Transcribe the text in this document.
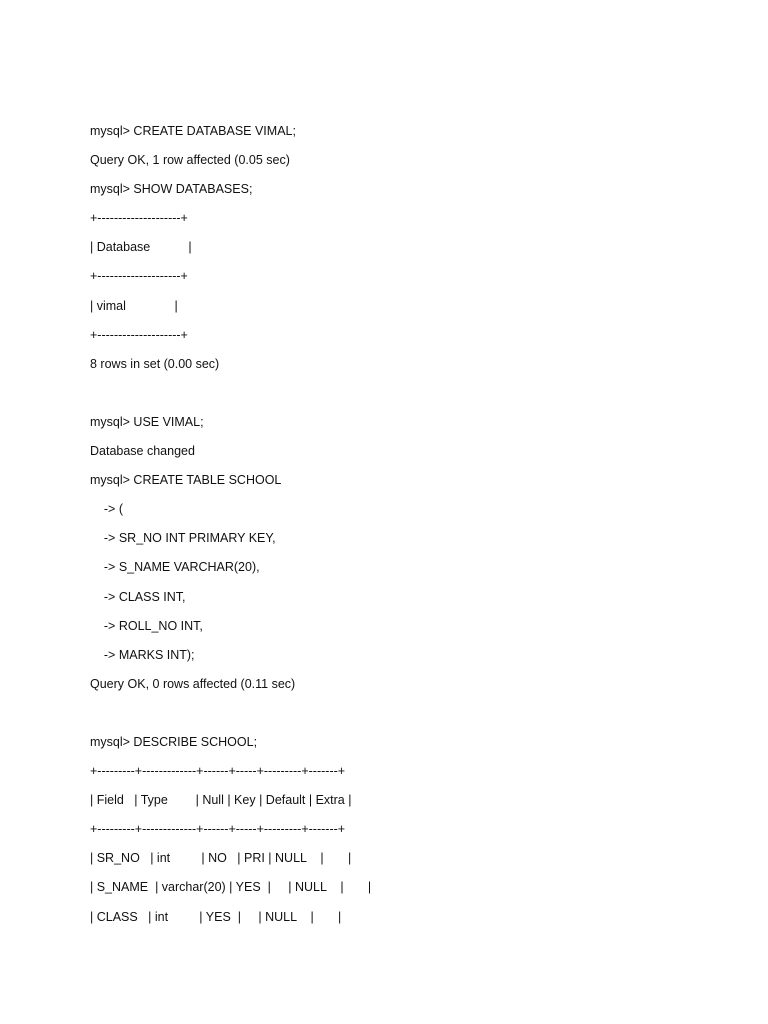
mysql> CREATE DATABASE VIMAL;
Query OK, 1 row affected (0.05 sec)
mysql> SHOW DATABASES;
+--------------------+
| Database           |
+--------------------+
| vimal              |
+--------------------+
8 rows in set (0.00 sec)
mysql> USE VIMAL;
Database changed
mysql> CREATE TABLE SCHOOL
-> (
-> SR_NO INT PRIMARY KEY,
-> S_NAME VARCHAR(20),
-> CLASS INT,
-> ROLL_NO INT,
-> MARKS INT);
Query OK, 0 rows affected (0.11 sec)
mysql> DESCRIBE SCHOOL;
+---------+-------------+------+-----+---------+-------+
| Field   | Type        | Null | Key | Default | Extra |
+---------+-------------+------+-----+---------+-------+
| SR_NO   | int         | NO   | PRI | NULL    |       |
| S_NAME  | varchar(20) | YES  |     | NULL    |       |
| CLASS   | int         | YES  |     | NULL    |       |
